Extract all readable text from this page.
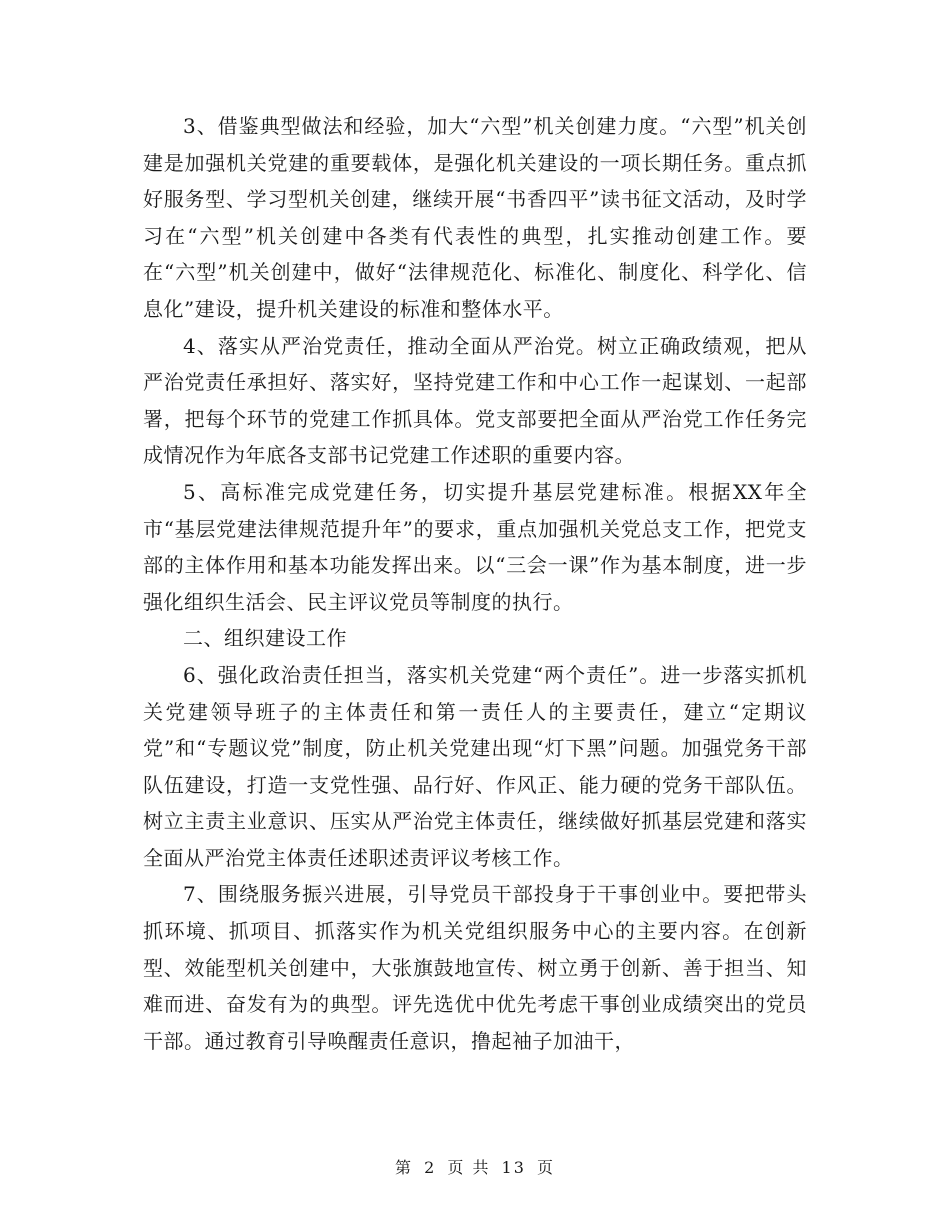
3、借鉴典型做法和经验，加大“六型”机关创建力度。“六型”机关创建是加强机关党建的重要载体，是强化机关建设的一项长期任务。重点抓好服务型、学习型机关创建，继续开展“书香四平”读书征文活动，及时学习在“六型”机关创建中各类有代表性的典型，扎实推动创建工作。要在“六型”机关创建中，做好“法律规范化、标准化、制度化、科学化、信息化”建设，提升机关建设的标准和整体水平。

4、落实从严治党责任，推动全面从严治党。树立正确政绩观，把从严治党责任承担好、落实好，坚持党建工作和中心工作一起谋划、一起部署，把每个环节的党建工作抓具体。党支部要把全面从严治党工作任务完成情况作为年底各支部书记党建工作述职的重要内容。

5、高标准完成党建任务，切实提升基层党建标准。根据XX年全市“基层党建法律规范提升年”的要求，重点加强机关党总支工作，把党支部的主体作用和基本功能发挥出来。以“三会一课”作为基本制度，进一步强化组织生活会、民主评议党员等制度的执行。

二、组织建设工作

6、强化政治责任担当，落实机关党建“两个责任”。进一步落实抓机关党建领导班子的主体责任和第一责任人的主要责任，建立“定期议党”和“专题议党”制度，防止机关党建出现“灯下黑”问题。加强党务干部队伍建设，打造一支党性强、品行好、作风正、能力硬的党务干部队伍。树立主责主业意识、压实从严治党主体责任，继续做好抓基层党建和落实全面从严治党主体责任述职述责评议考核工作。

7、围绕服务振兴进展，引导党员干部投身于干事创业中。要把带头抓环境、抓项目、抓落实作为机关党组织服务中心的主要内容。在创新型、效能型机关创建中，大张旗鼓地宣传、树立勇于创新、善于担当、知难而进、奋发有为的典型。评先选优中优先考虑干事创业成绩突出的党员干部。通过教育引导唤醒责任意识，撸起袖子加油干，

第 2 页 共 13 页
